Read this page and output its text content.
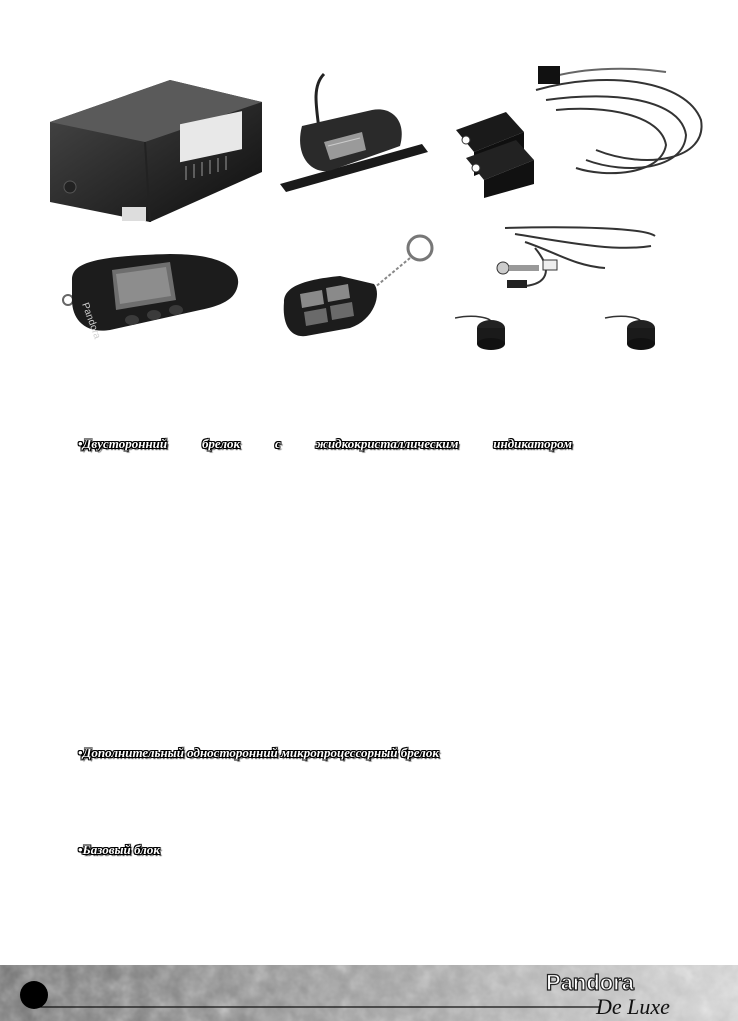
Pandora
•Двусторонний брелок с жидкокристаллическим индикатором
•Дополнительный односторонний микропроцессорный брелок
•Базовый блок
Pandora
De Luxe
